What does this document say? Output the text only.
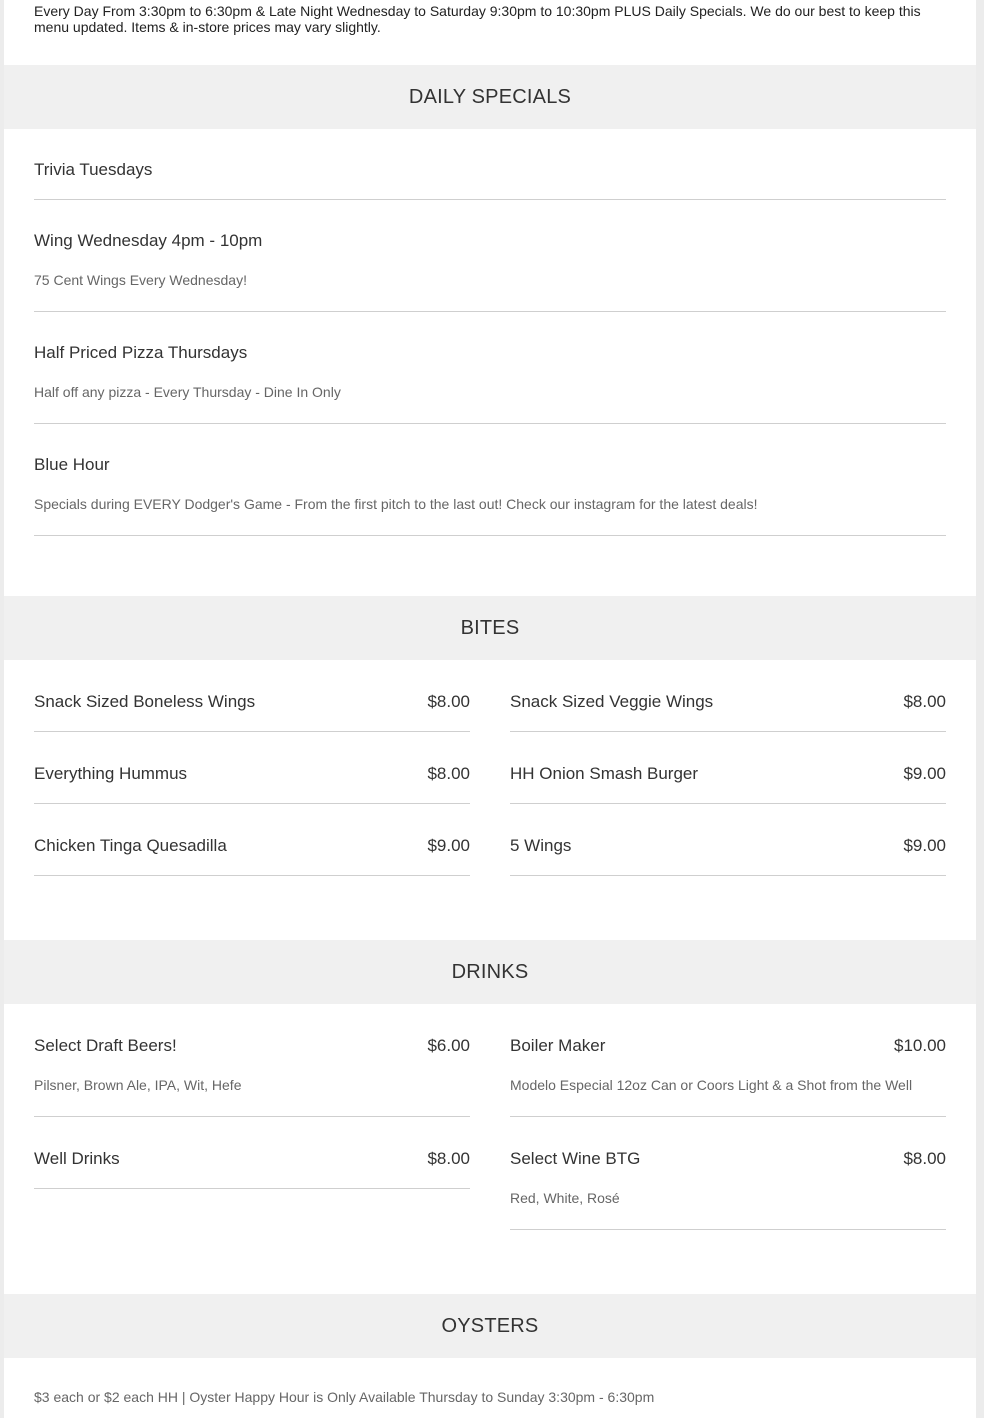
Every Day From 3:30pm to 6:30pm & Late Night Wednesday to Saturday 9:30pm to 10:30pm PLUS Daily Specials. We do our best to keep this menu updated. Items & in-store prices may vary slightly.
DAILY SPECIALS
Trivia Tuesdays
Wing Wednesday 4pm - 10pm
75 Cent Wings Every Wednesday!
Half Priced Pizza Thursdays
Half off any pizza - Every Thursday - Dine In Only
Blue Hour
Specials during EVERY Dodger's Game - From the first pitch to the last out! Check our instagram for the latest deals!
BITES
Snack Sized Boneless Wings	$8.00 Snack Sized Veggie Wings	$8.00
Everything Hummus	$8.00 HH Onion Smash Burger	$9.00
Chicken Tinga Quesadilla	$9.00 5 Wings	$9.00
DRINKS
Select Draft Beers!	$6.00
Pilsner, Brown Ale, IPA, Wit, Hefe
Boiler Maker	$10.00
Modelo Especial 12oz Can or Coors Light & a Shot from the Well
Well Drinks	$8.00 Select Wine BTG	$8.00
Red, White, Rosé
OYSTERS
$3 each or $2 each HH | Oyster Happy Hour is Only Available Thursday to Sunday 3:30pm - 6:30pm
